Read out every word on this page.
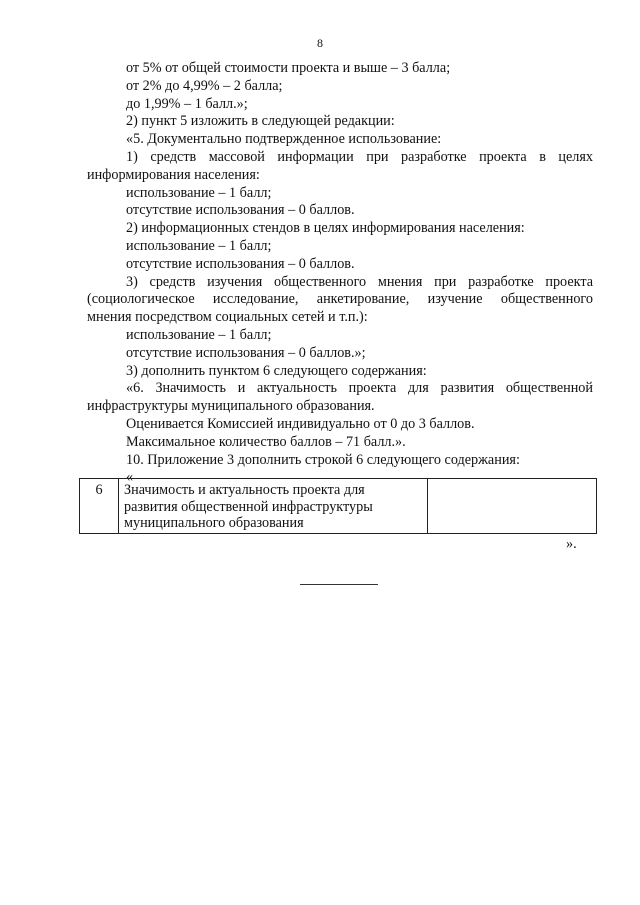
8

от 5% от общей стоимости проекта и выше – 3 балла;

от 2% до 4,99% – 2 балла;

до 1,99% – 1 балл.»;

2) пункт 5 изложить в следующей редакции:

«5. Документально подтвержденное использование:

1) средств массовой информации при разработке проекта в целях

информирования населения:

использование – 1 балл;

отсутствие использования – 0 баллов.

2) информационных стендов в целях информирования населения:

использование – 1 балл;

отсутствие использования – 0 баллов.

3) средств изучения общественного мнения при разработке проекта

(социологическое исследование, анкетирование, изучение общественного

мнения посредством социальных сетей и т.п.):

использование – 1 балл;

отсутствие использования – 0 баллов.»;

3) дополнить пунктом 6 следующего содержания:

«6. Значимость и актуальность проекта для развития общественной

инфраструктуры муниципального образования.

Оценивается Комиссией индивидуально от 0 до 3 баллов.

Максимальное количество баллов – 71 балл.».

10. Приложение 3 дополнить строкой 6 следующего содержания:

«

6	Значимость и актуальность проекта для
развития общественной инфраструктуры
муниципального образования

».
